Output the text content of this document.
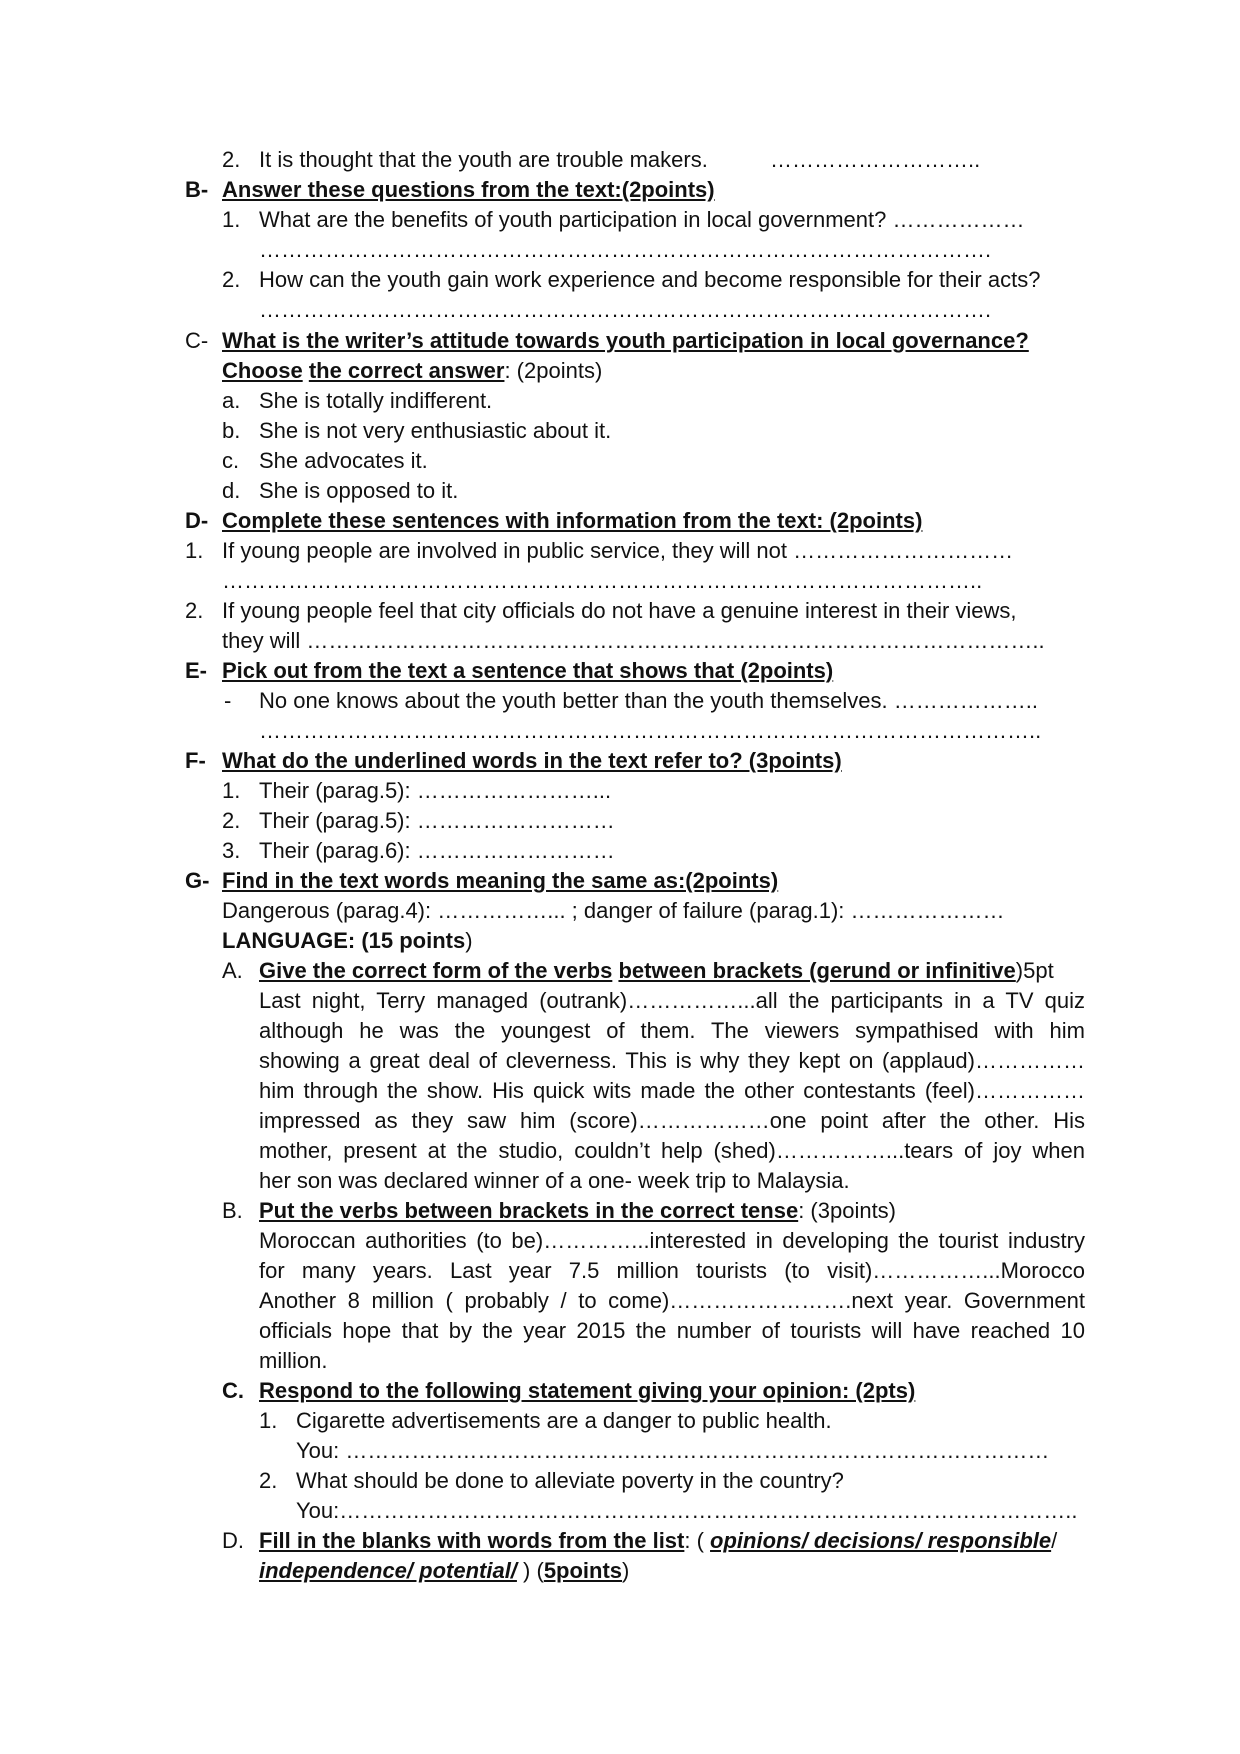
2. It is thought that the youth are trouble makers.	………………………..
B- Answer these questions from the text:(2points)
1. What are the benefits of youth participation in local government? ………………
……………………………………………………………………………………….
2. How can the youth gain work experience and become responsible for their acts?
……………………………………………………………………………………….
C- What is the writer’s attitude towards youth participation in local governance?
Choose the correct answer: (2points)
a. She is totally indifferent.
b. She is not very enthusiastic about it.
c. She advocates it.
d. She is opposed to it.
D- Complete these sentences with information from the text: (2points)
1. If young people are involved in public service, they will not …………………………
…………………………………………………………………………………………..
2. If young people feel that city officials do not have a genuine interest in their views,
they will ………………………………………………………………………………………..
E- Pick out from the text a sentence that shows that (2points)
- No one knows about the youth better than the youth themselves. ………………..
……………………………………………………………………………………………..
F- What do the underlined words in the text refer to? (3points)
1. Their (parag.5): ……………………...
2. Their (parag.5): ………………………
3. Their (parag.6): ………………………
G- Find in the text words meaning the same as:(2points)
Dangerous (parag.4): ……………... ; danger of failure (parag.1): …………………
LANGUAGE: (15 points)
A. Give the correct form of the verbs between brackets (gerund or infinitive)5pt
Last night, Terry managed (outrank)……………...all the participants in a TV quiz
although he was the youngest of them. The viewers sympathised with him
showing a great deal of cleverness. This is why they kept on (applaud)……………
him through the show. His quick wits made the other contestants (feel)……………
impressed as they saw him (score)………………one point after the other. His
mother, present at the studio, couldn’t help (shed)……………...tears of joy when
her son was declared winner of a one- week trip to Malaysia.
B. Put the verbs between brackets in the correct tense: (3points)
Moroccan authorities (to be)…………...interested in developing the tourist industry
for many years. Last year 7.5 million tourists (to visit)……………...Morocco
Another 8 million ( probably / to come)…………………….next year. Government
officials hope that by the year 2015 the number of tourists will have reached 10
million.
C. Respond to the following statement giving your opinion: (2pts)
1. Cigarette advertisements are a danger to public health.
You: ……………………………………………………………………………………
2. What should be done to alleviate poverty in the country?
You:………………………………………………………………………………………..
D. Fill in the blanks with words from the list: ( opinions/ decisions/ responsible/
independence/ potential/ ) (5points)
